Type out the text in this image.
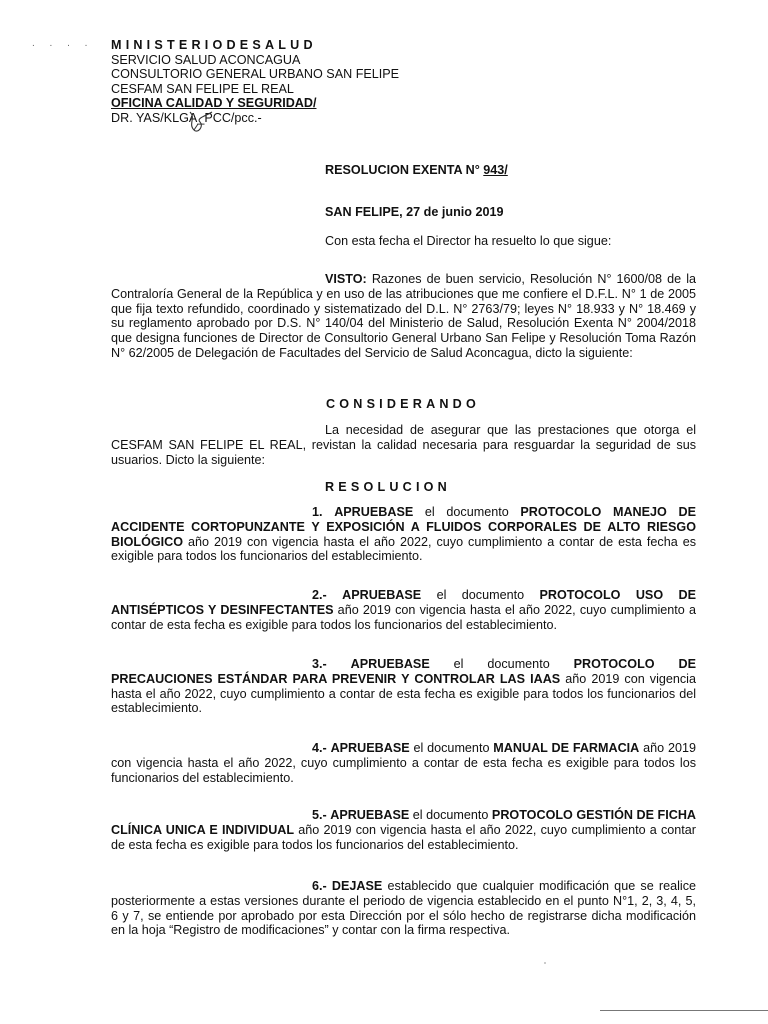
. . . . MINISTERIODESALUD
SERVICIO SALUD ACONCAGUA
CONSULTORIO GENERAL URBANO SAN FELIPE
CESFAM SAN FELIPE EL REAL
OFICINA CALIDAD Y SEGURIDAD/
DR. YAS/KLGA_PCC/pcc.-
RESOLUCION EXENTA N° 943/
SAN FELIPE, 27 de junio 2019
Con esta fecha el Director ha resuelto lo que sigue:

VISTO: Razones de buen servicio, Resolución N° 1600/08 de la Contraloría General de la República y en uso de las atribuciones que me confiere el D.F.L. N° 1 de 2005 que fija texto refundido, coordinado y sistematizado del D.L. N° 2763/79; leyes N° 18.933 y N° 18.469 y su reglamento aprobado por D.S. N° 140/04 del Ministerio de Salud, Resolución Exenta N° 2004/2018 que designa funciones de Director de Consultorio General Urbano San Felipe y Resolución Toma Razón N° 62/2005 de Delegación de Facultades del Servicio de Salud Aconcagua, dicto la siguiente:

CONSIDERANDO

La necesidad de asegurar que las prestaciones que otorga el CESFAM SAN FELIPE EL REAL, revistan la calidad necesaria para resguardar la seguridad de sus usuarios. Dicto la siguiente:

RESOLUCION

1. APRUEBASE el documento PROTOCOLO MANEJO DE ACCIDENTE CORTOPUNZANTE Y EXPOSICIÓN A FLUIDOS CORPORALES DE ALTO RIESGO BIOLÓGICO año 2019 con vigencia hasta el año 2022, cuyo cumplimiento a contar de esta fecha es exigible para todos los funcionarios del establecimiento.

2.- APRUEBASE el documento PROTOCOLO USO DE ANTISÉPTICOS Y DESINFECTANTES año 2019 con vigencia hasta el año 2022, cuyo cumplimiento a contar de esta fecha es exigible para todos los funcionarios del establecimiento.

3.- APRUEBASE el documento PROTOCOLO DE PRECAUCIONES ESTÁNDAR PARA PREVENIR Y CONTROLAR LAS IAAS año 2019 con vigencia hasta el año 2022, cuyo cumplimiento a contar de esta fecha es exigible para todos los funcionarios del establecimiento.

4.- APRUEBASE el documento MANUAL DE FARMACIA año 2019 con vigencia hasta el año 2022, cuyo cumplimiento a contar de esta fecha es exigible para todos los funcionarios del establecimiento.

5.- APRUEBASE el documento PROTOCOLO GESTIÓN DE FICHA CLÍNICA UNICA E INDIVIDUAL año 2019 con vigencia hasta el año 2022, cuyo cumplimiento a contar de esta fecha es exigible para todos los funcionarios del establecimiento.

6.- DEJASE establecido que cualquier modificación que se realice posteriormente a estas versiones durante el periodo de vigencia establecido en el punto N°1, 2, 3, 4, 5, 6 y 7, se entiende por aprobado por esta Dirección por el sólo hecho de registrarse dicha modificación en la hoja “Registro de modificaciones” y contar con la firma respectiva.
